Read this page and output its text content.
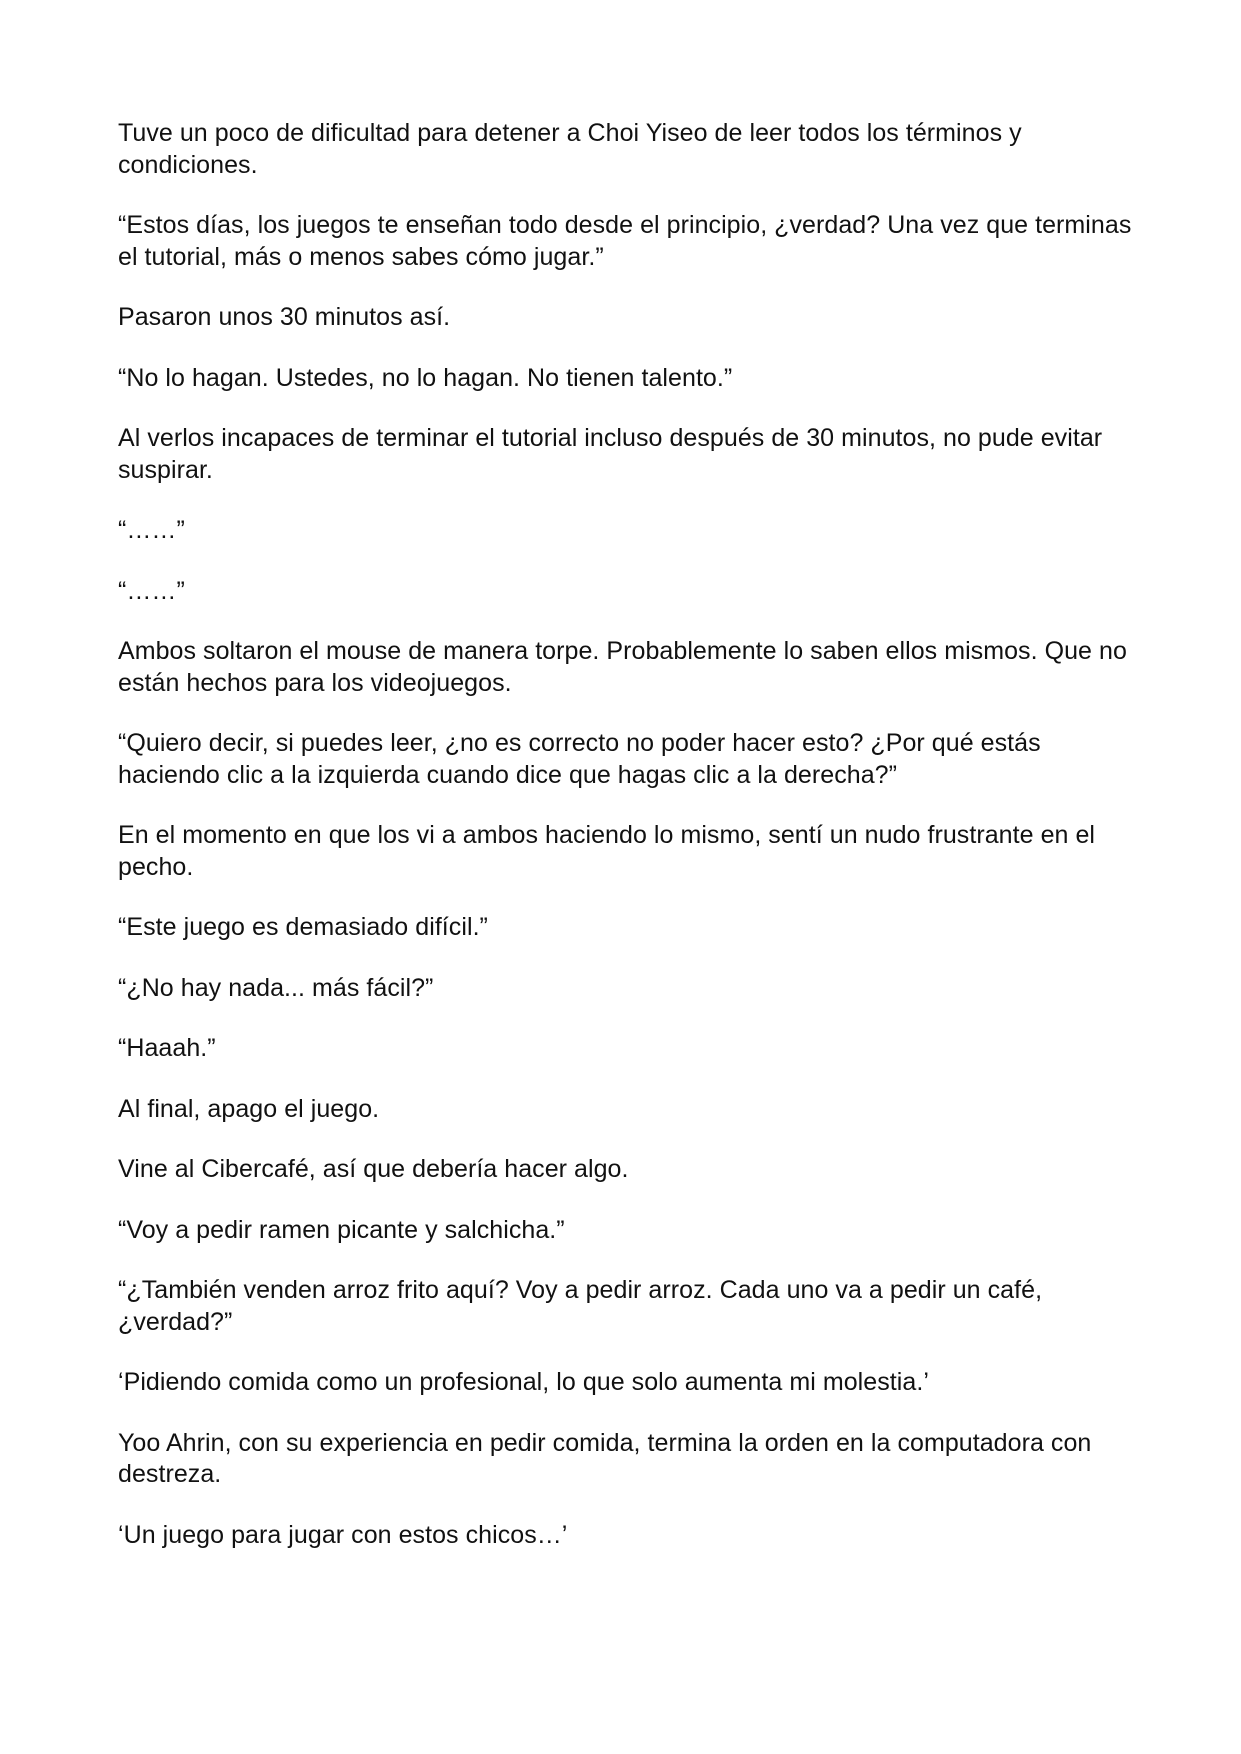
Tuve un poco de dificultad para detener a Choi Yiseo de leer todos los términos y condiciones.

“Estos días, los juegos te enseñan todo desde el principio, ¿verdad? Una vez que terminas el tutorial, más o menos sabes cómo jugar.”

Pasaron unos 30 minutos así.

“No lo hagan. Ustedes, no lo hagan. No tienen talento.”

Al verlos incapaces de terminar el tutorial incluso después de 30 minutos, no pude evitar suspirar.

“……”

“……”

Ambos soltaron el mouse de manera torpe. Probablemente lo saben ellos mismos. Que no están hechos para los videojuegos.

“Quiero decir, si puedes leer, ¿no es correcto no poder hacer esto? ¿Por qué estás haciendo clic a la izquierda cuando dice que hagas clic a la derecha?”

En el momento en que los vi a ambos haciendo lo mismo, sentí un nudo frustrante en el pecho.

“Este juego es demasiado difícil.”

“¿No hay nada... más fácil?”

“Haaah.”

Al final, apago el juego.

Vine al Cibercafé, así que debería hacer algo.

“Voy a pedir ramen picante y salchicha.”

“¿También venden arroz frito aquí? Voy a pedir arroz. Cada uno va a pedir un café, ¿verdad?”

‘Pidiendo comida como un profesional, lo que solo aumenta mi molestia.’

Yoo Ahrin, con su experiencia en pedir comida, termina la orden en la computadora con destreza.

‘Un juego para jugar con estos chicos…’
